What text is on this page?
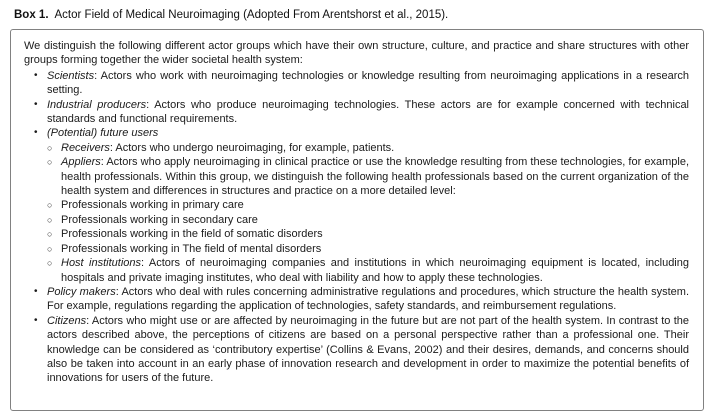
Box 1. Actor Field of Medical Neuroimaging (Adopted From Arentshorst et al., 2015).

We distinguish the following different actor groups which have their own structure, culture, and practice and share structures with other groups forming together the wider societal health system:

• Scientists: Actors who work with neuroimaging technologies or knowledge resulting from neuroimaging applications in a research setting.
• Industrial producers: Actors who produce neuroimaging technologies. These actors are for example concerned with technical standards and functional requirements.
• (Potential) future users
○ Receivers: Actors who undergo neuroimaging, for example, patients.
○ Appliers: Actors who apply neuroimaging in clinical practice or use the knowledge resulting from these technologies, for example, health professionals. Within this group, we distinguish the following health professionals based on the current organization of the health system and differences in structures and practice on a more detailed level:
○ Professionals working in primary care
○ Professionals working in secondary care
○ Professionals working in the field of somatic disorders
○ Professionals working in The field of mental disorders
○ Host institutions: Actors of neuroimaging companies and institutions in which neuroimaging equipment is located, including hospitals and private imaging institutes, who deal with liability and how to apply these technologies.
• Policy makers: Actors who deal with rules concerning administrative regulations and procedures, which structure the health system. For example, regulations regarding the application of technologies, safety standards, and reimbursement regulations.
• Citizens: Actors who might use or are affected by neuroimaging in the future but are not part of the health system. In contrast to the actors described above, the perceptions of citizens are based on a personal perspective rather than a professional one. Their knowledge can be considered as ‘contributory expertise’ (Collins & Evans, 2002) and their desires, demands, and concerns should also be taken into account in an early phase of innovation research and development in order to maximize the potential benefits of innovations for users of the future.
